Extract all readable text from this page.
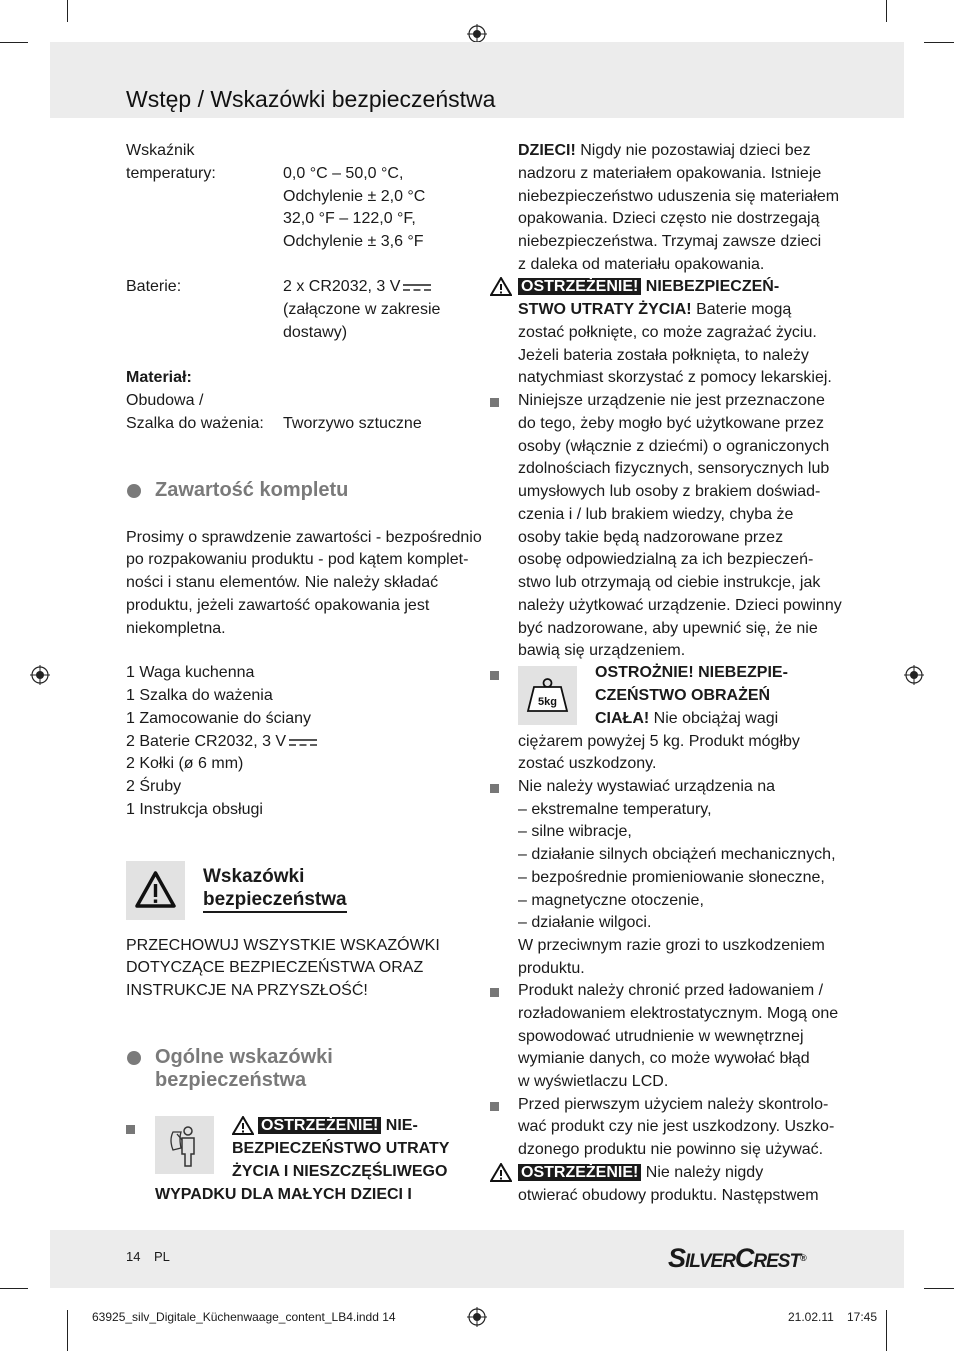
Wstęp / Wskazówki bezpieczeństwa
Wskaźnik
temperatury:	0,0 °C – 50,0 °C,
Odchylenie ± 2,0 °C
32,0 °F – 122,0 °F,
Odchylenie ± 3,6 °F
Baterie:	2 x CR2032, 3 V
(załączone w zakresie
dostawy)
Materiał:
Obudowa /
Szalka do ważenia: Tworzywo sztuczne
Zawartość kompletu
Prosimy o sprawdzenie zawartości - bezpośrednio
po rozpakowaniu produktu - pod kątem komplet-
ności i stanu elementów. Nie należy składać
produktu, jeżeli zawartość opakowania jest
niekompletna.
1 Waga kuchenna
1 Szalka do ważenia
1 Zamocowanie do ściany
2 Baterie CR2032, 3 V
2 Kołki (ø 6 mm)
2 Śruby
1 Instrukcja obsługi
Wskazówki
bezpieczeństwa
PRZECHOWUJ WSZYSTKIE WSKAZÓWKI
DOTYCZĄCE BEZPIECZEŃSTWA ORAZ
INSTRUKCJE NA PRZYSZŁOŚĆ!
Ogólne wskazówki
bezpieczeństwa
OSTRZEŻENIE! NIE-
BEZPIECZEŃSTWO UTRATY
ŻYCIA I NIESZCZĘŚLIWEGO
WYPADKU DLA MAŁYCH DZIECI I
DZIECI! Nigdy nie pozostawiaj dzieci bez
nadzoru z materiałem opakowania. Istnieje
niebezpieczeństwo uduszenia się materiałem
opakowania. Dzieci często nie dostrzegają
niebezpieczeństwa. Trzymaj zawsze dzieci
z daleka od materiału opakowania.
OSTRZEŻENIE! NIEBEZPIECZEŃ-
STWO UTRATY ŻYCIA! Baterie mogą
zostać połknięte, co może zagrażać życiu.
Jeżeli bateria została połknięta, to należy
natychmiast skorzystać z pomocy lekarskiej.
Niniejsze urządzenie nie jest przeznaczone
do tego, żeby mogło być użytkowane przez
osoby (włącznie z dziećmi) o ograniczonych
zdolnościach fizycznych, sensorycznych lub
umysłowych lub osoby z brakiem doświad-
czenia i / lub brakiem wiedzy, chyba że
osoby takie będą nadzorowane przez
osobę odpowiedzialną za ich bezpieczeń-
stwo lub otrzymają od ciebie instrukcje, jak
należy użytkować urządzenie. Dzieci powinny
być nadzorowane, aby upewnić się, że nie
bawią się urządzeniem.
5kg
OSTROŻNIE! NIEBEZPIE-
CZEŃSTWO OBRAŻEŃ
CIAŁA! Nie obciążaj wagi
ciężarem powyżej 5 kg. Produkt mógłby
zostać uszkodzony.
Nie należy wystawiać urządzenia na
– ekstremalne temperatury,
– silne wibracje,
– działanie silnych obciążeń mechanicznych,
– bezpośrednie promieniowanie słoneczne,
– magnetyczne otoczenie,
– działanie wilgoci.
W przeciwnym razie grozi to uszkodzeniem
produktu.
Produkt należy chronić przed ładowaniem /
rozładowaniem elektrostatycznym. Mogą one
spowodować utrudnienie w wewnętrznej
wymianie danych, co może wywołać błąd
w wyświetlaczu LCD.
Przed pierwszym użyciem należy skontrolo-
wać produkt czy nie jest uszkodzony. Uszko-
dzonego produktu nie powinno się używać.
OSTRZEŻENIE! Nie należy nigdy
otwierać obudowy produktu. Następstwem
14 PL	SilverCrest®
63925_silv_Digitale_Küchenwaage_content_LB4.indd 14	21.02.11 17:45
